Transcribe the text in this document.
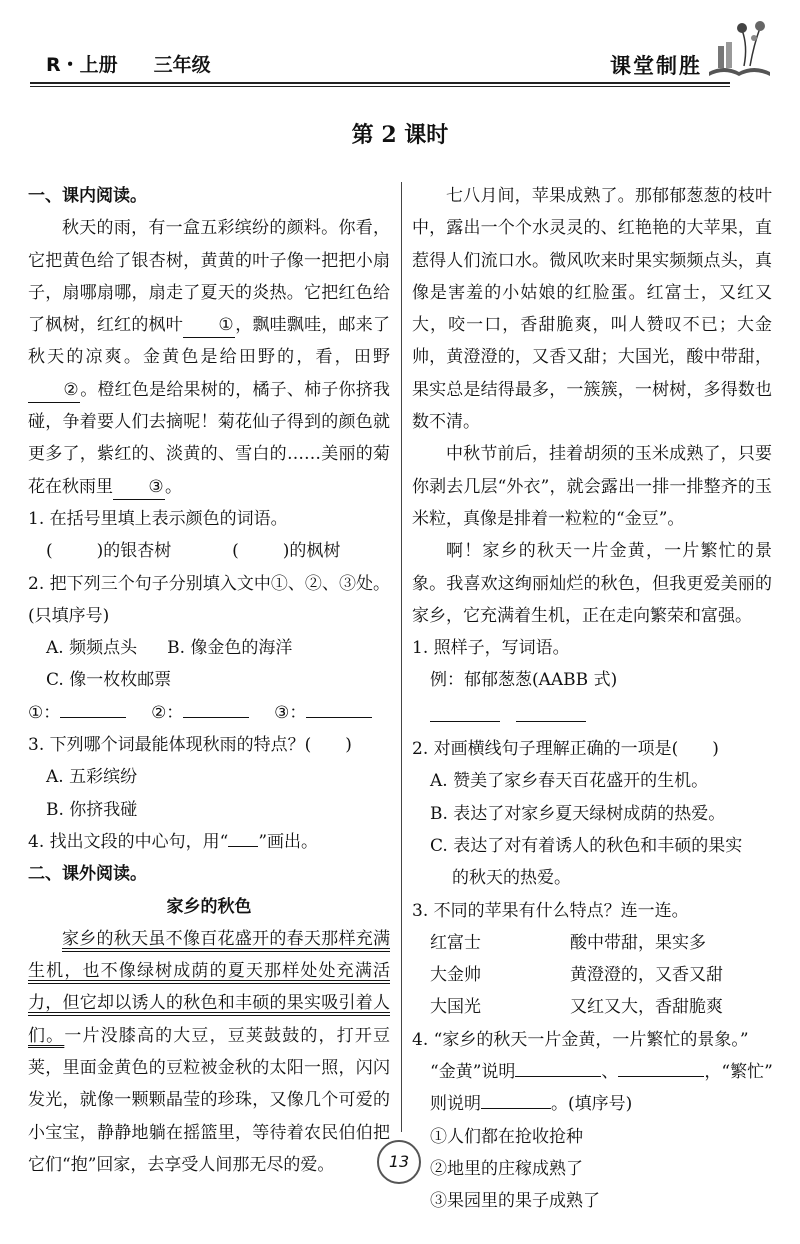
R・上册 三年级	课堂制胜
第 2 课时

一、课内阅读。

秋天的雨，有一盒五彩缤纷的颜料。你看，它把黄色给了银杏树，黄黄的叶子像一把把小扇子，扇哪扇哪，扇走了夏天的炎热。它把红色给了枫树，红红的枫叶 ①，飘哇飘哇，邮来了秋天的凉爽。金黄色是给田野的，看，田野②。橙红色是给果树的，橘子、柿子你挤我碰，争着要人们去摘呢！菊花仙子得到的颜色就更多了，紫红的、淡黄的、雪白的……美丽的菊花在秋雨里 ③。

1. 在括号里填上表示颜色的词语。

(	)的银杏树	(	)的枫树

2. 把下列三个句子分别填入文中①、②、③处。(只填序号)

A. 频频点头 B. 像金色的海洋

C. 像一枚枚邮票

①：	②：	③：

3. 下列哪个词最能体现秋雨的特点？(　　)

A. 五彩缤纷

B. 你挤我碰

4. 找出文段的中心句，用“ ”画出。

二、课外阅读。

家乡的秋色

家乡的秋天虽不像百花盛开的春天那样充满生机，也不像绿树成荫的夏天那样处处充满活力，但它却以诱人的秋色和丰硕的果实吸引着人们。一片没膝高的大豆，豆荚鼓鼓的，打开豆荚，里面金黄色的豆粒被金秋的太阳一照，闪闪发光，就像一颗颗晶莹的珍珠，又像几个可爱的小宝宝，静静地躺在摇篮里，等待着农民伯伯把它们“抱”回家，去享受人间那无尽的爱。

七八月间，苹果成熟了。那郁郁葱葱的枝叶中，露出一个个水灵灵的、红艳艳的大苹果，直惹得人们流口水。微风吹来时果实频频点头，真像是害羞的小姑娘的红脸蛋。红富士，又红又大，咬一口，香甜脆爽，叫人赞叹不已；大金帅，黄澄澄的，又香又甜；大国光，酸中带甜，果实总是结得最多，一簇簇，一树树，多得数也数不清。

中秋节前后，挂着胡须的玉米成熟了，只要你剥去几层“外衣”，就会露出一排一排整齐的玉米粒，真像是排着一粒粒的“金豆”。

啊！家乡的秋天一片金黄，一片繁忙的景象。我喜欢这绚丽灿烂的秋色，但我更爱美丽的家乡，它充满着生机，正在走向繁荣和富强。

1. 照样子，写词语。

例：郁郁葱葱(AABB 式)

2. 对画横线句子理解正确的一项是(　　)

A. 赞美了家乡春天百花盛开的生机。

B. 表达了对家乡夏天绿树成荫的热爱。

C. 表达了对有着诱人的秋色和丰硕的果实

的秋天的热爱。

3. 不同的苹果有什么特点？连一连。

红富士	酸中带甜，果实多
大金帅	黄澄澄的，又香又甜
大国光	又红又大，香甜脆爽

4. “家乡的秋天一片金黄，一片繁忙的景象。”

“金黄”说明	、	，“繁忙”

则说明	。(填序号)

①人们都在抢收抢种

②地里的庄稼成熟了

③果园里的果子成熟了

13
